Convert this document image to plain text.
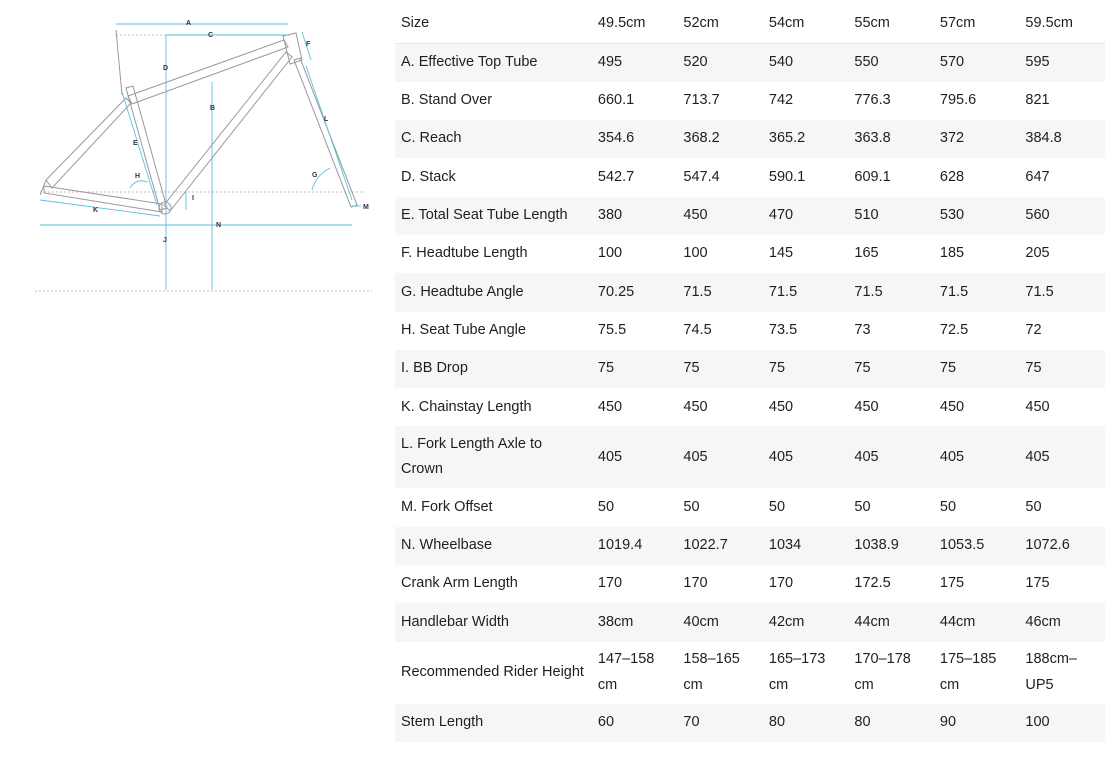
A
C
D
B
F
L
E
G
H
I
M
K
N
J
Size	49.5cm	52cm	54cm	55cm	57cm	59.5cm
A. Effective Top Tube	495	520	540	550	570	595
B. Stand Over	660.1	713.7	742	776.3	795.6	821
C. Reach	354.6	368.2	365.2	363.8	372	384.8
D. Stack	542.7	547.4	590.1	609.1	628	647
E. Total Seat Tube Length	380	450	470	510	530	560
F. Headtube Length	100	100	145	165	185	205
G. Headtube Angle	70.25	71.5	71.5	71.5	71.5	71.5
H. Seat Tube Angle	75.5	74.5	73.5	73	72.5	72
I. BB Drop	75	75	75	75	75	75
K. Chainstay Length	450	450	450	450	450	450
L. Fork Length Axle to Crown	405	405	405	405	405	405
M. Fork Offset	50	50	50	50	50	50
N. Wheelbase	1019.4	1022.7	1034	1038.9	1053.5	1072.6
Crank Arm Length	170	170	170	172.5	175	175
Handlebar Width	38cm	40cm	42cm	44cm	44cm	46cm
Recommended Rider Height	147–158 cm	158–165 cm	165–173 cm	170–178 cm	175–185 cm	188cm–UP5
Stem Length	60	70	80	80	90	100
